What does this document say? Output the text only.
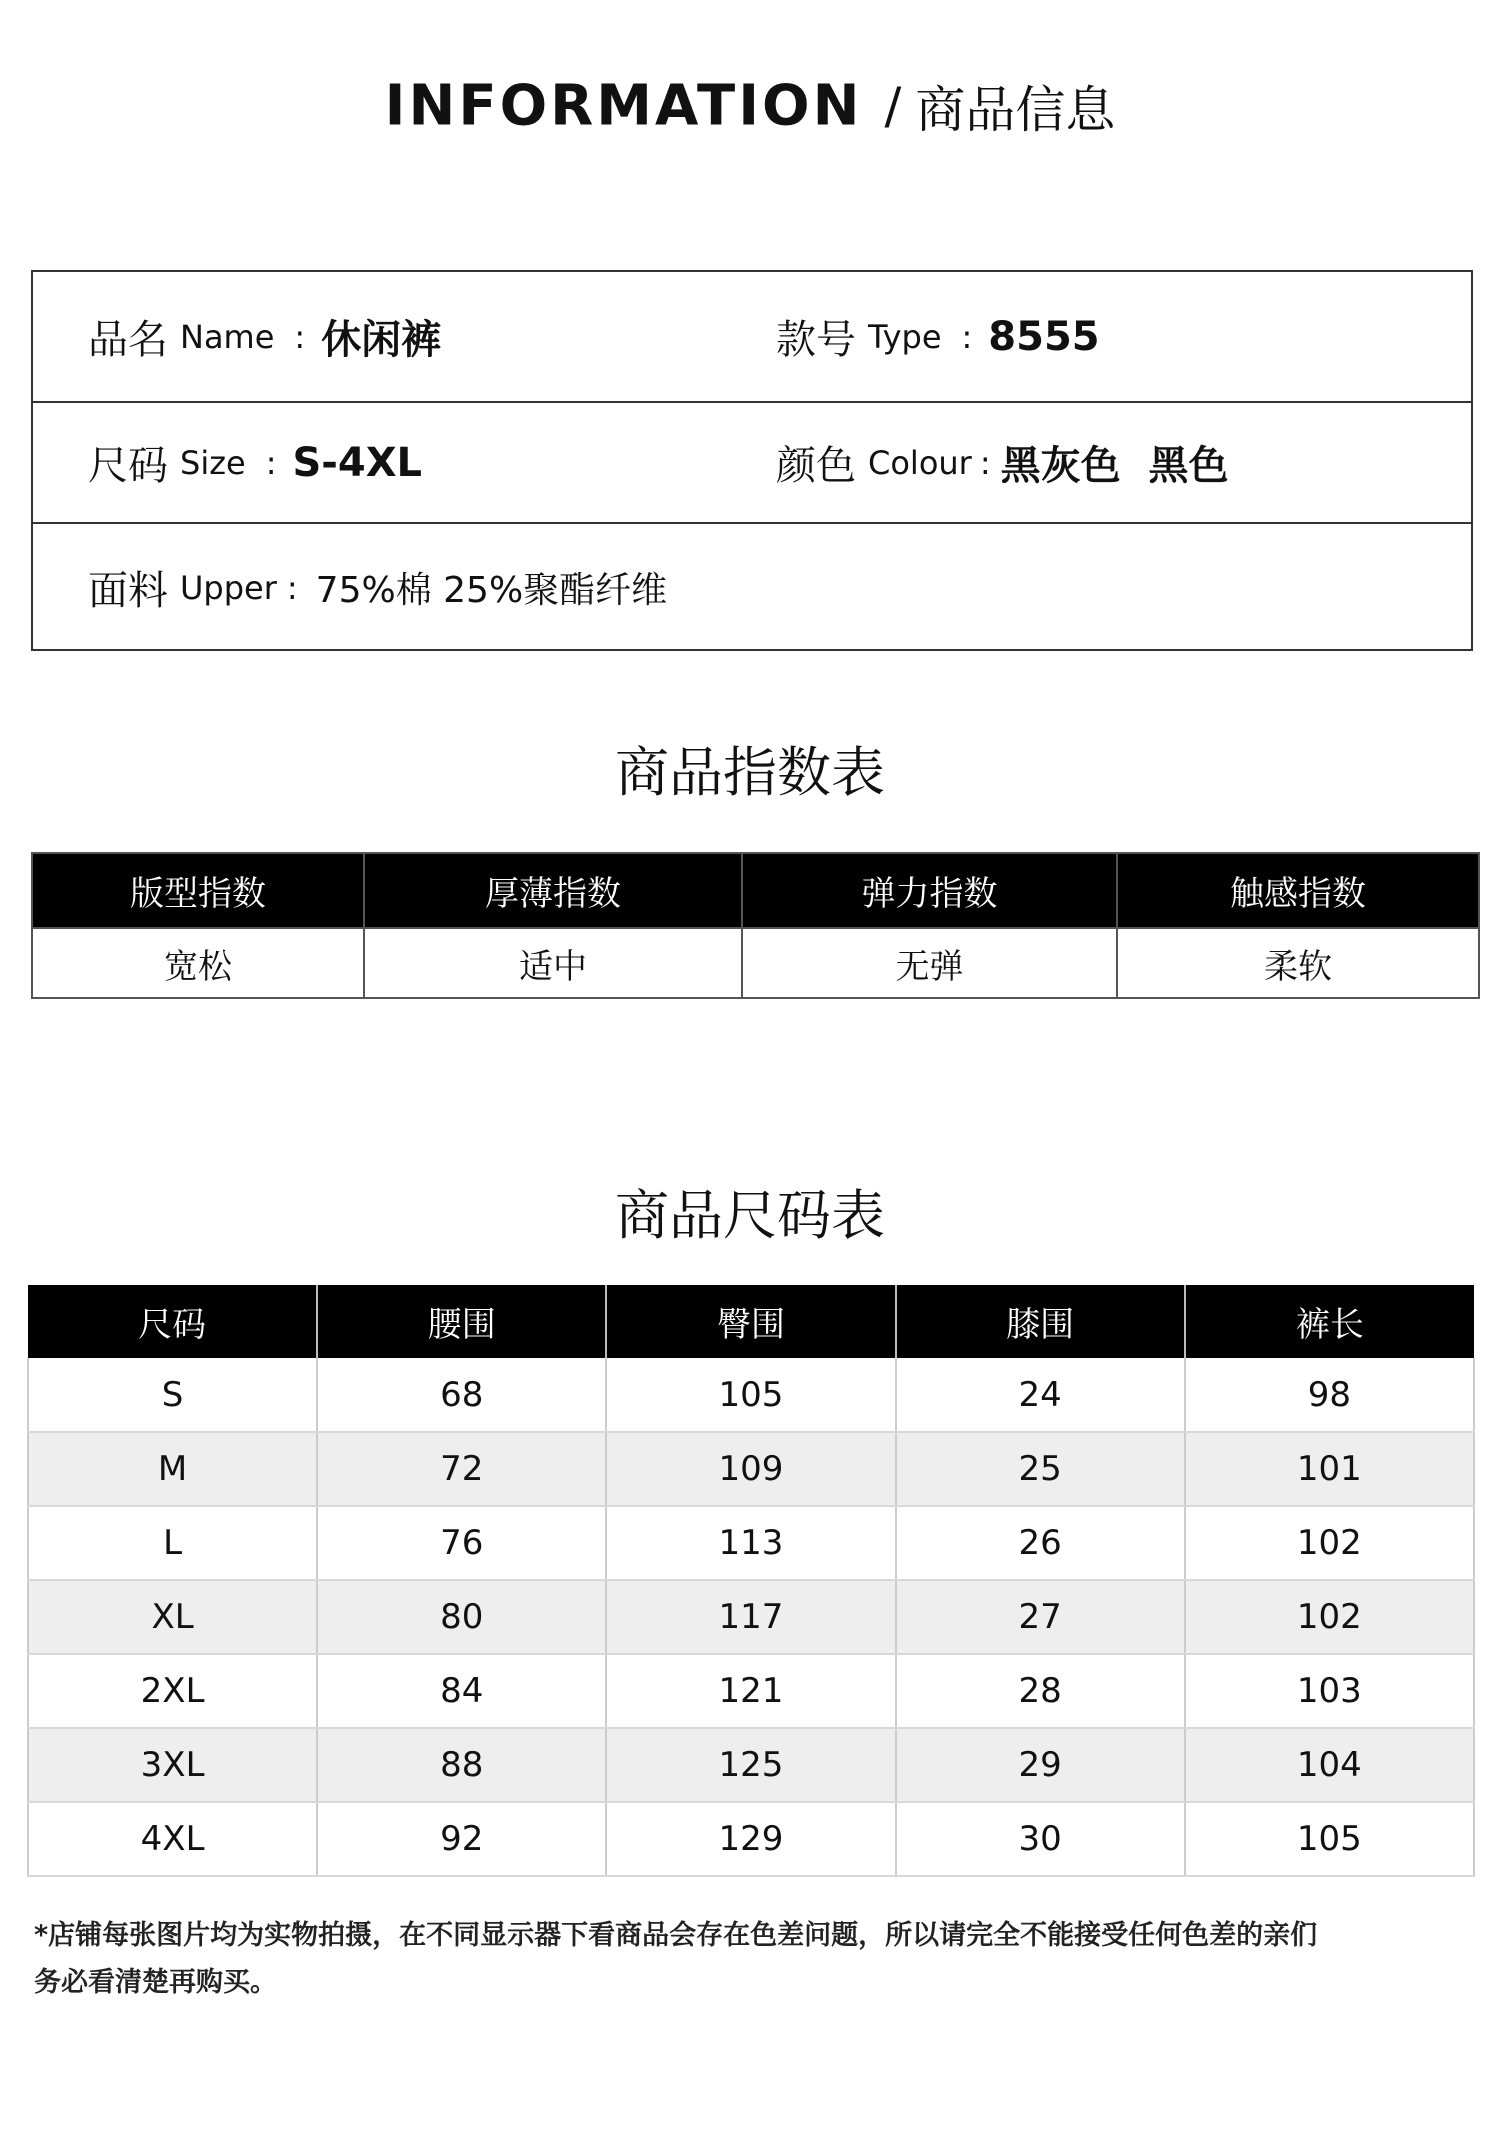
INFORMATION / 商品信息
品名 Name : 休闲裤	款号 Type : 8555
尺码 Size : S-4XL	颜色 Colour : 黑灰色  黑色
面料 Upper : 75%棉 25%聚酯纤维
商品指数表
版型指数	厚薄指数	弹力指数	触感指数
宽松	适中	无弹	柔软
商品尺码表
尺码	腰围	臀围	膝围	裤长
S	68	105	24	98
M	72	109	25	101
L	76	113	26	102
XL	80	117	27	102
2XL	84	121	28	103
3XL	88	125	29	104
4XL	92	129	30	105
*店铺每张图片均为实物拍摄，在不同显示器下看商品会存在色差问题，所以请完全不能接受任何色差的亲们
务必看清楚再购买。
